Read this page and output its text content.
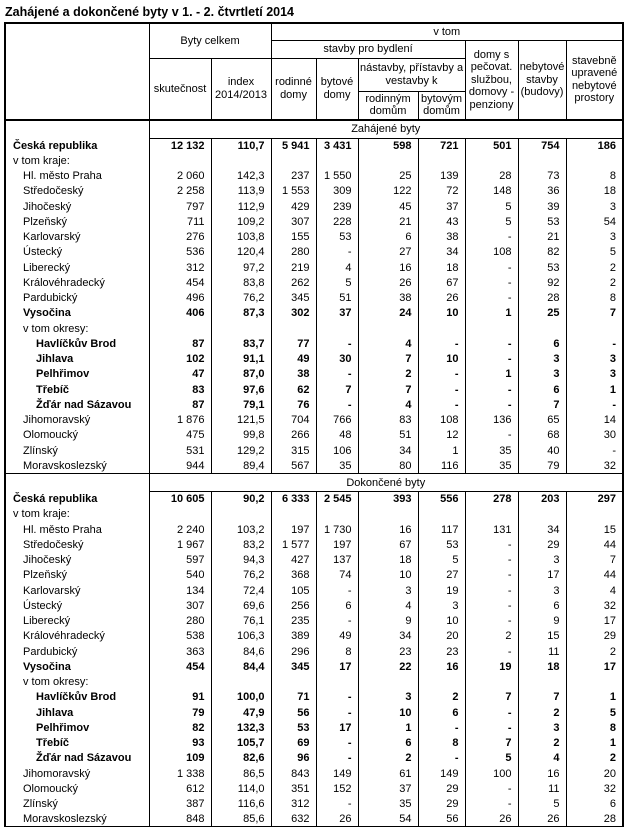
Zahájené a dokončené byty v 1. - 2. čtvrtletí 2014
	Byty celkem		v tom						
			stavby pro bydlení				domy s pečovat. službou, domovy - penziony	nebytové stavby (budovy)	stavebně upravené nebytové prostory
	skutečnost	index 2014/2013	rodinné domy	bytové domy	nástavby, přístavby a vestavby k				
					rodinným domům	bytovým domům			
	Zahájené byty								
Česká republika	12 132	110,7	5 941	3 431	598	721	501	754	186
v tom kraje:									
Hl. město Praha	2 060	142,3	237	1 550	25	139	28	73	8
Středočeský	2 258	113,9	1 553	309	122	72	148	36	18
Jihočeský	797	112,9	429	239	45	37	5	39	3
Plzeňský	711	109,2	307	228	21	43	5	53	54
Karlovarský	276	103,8	155	53	6	38	-	21	3
Ústecký	536	120,4	280	-	27	34	108	82	5
Liberecký	312	97,2	219	4	16	18	-	53	2
Královéhradecký	454	83,8	262	5	26	67	-	92	2
Pardubický	496	76,2	345	51	38	26	-	28	8
Vysočina	406	87,3	302	37	24	10	1	25	7
v tom okresy:									
Havlíčkův Brod	87	83,7	77	-	4	-	-	6	-
Jihlava	102	91,1	49	30	7	10	-	3	3
Pelhřimov	47	87,0	38	-	2	-	1	3	3
Třebíč	83	97,6	62	7	7	-	-	6	1
Žďár nad Sázavou	87	79,1	76	-	4	-	-	7	-
Jihomoravský	1 876	121,5	704	766	83	108	136	65	14
Olomoucký	475	99,8	266	48	51	12	-	68	30
Zlínský	531	129,2	315	106	34	1	35	40	-
Moravskoslezský	944	89,4	567	35	80	116	35	79	32
	Dokončené byty								
Česká republika	10 605	90,2	6 333	2 545	393	556	278	203	297
v tom kraje:									
Hl. město Praha	2 240	103,2	197	1 730	16	117	131	34	15
Středočeský	1 967	83,2	1 577	197	67	53	-	29	44
Jihočeský	597	94,3	427	137	18	5	-	3	7
Plzeňský	540	76,2	368	74	10	27	-	17	44
Karlovarský	134	72,4	105	-	3	19	-	3	4
Ústecký	307	69,6	256	6	4	3	-	6	32
Liberecký	280	76,1	235	-	9	10	-	9	17
Královéhradecký	538	106,3	389	49	34	20	2	15	29
Pardubický	363	84,6	296	8	23	23	-	11	2
Vysočina	454	84,4	345	17	22	16	19	18	17
v tom okresy:									
Havlíčkův Brod	91	100,0	71	-	3	2	7	7	1
Jihlava	79	47,9	56	-	10	6	-	2	5
Pelhřimov	82	132,3	53	17	1	-	-	3	8
Třebíč	93	105,7	69	-	6	8	7	2	1
Žďár nad Sázavou	109	82,6	96	-	2	-	5	4	2
Jihomoravský	1 338	86,5	843	149	61	149	100	16	20
Olomoucký	612	114,0	351	152	37	29	-	11	32
Zlínský	387	116,6	312	-	35	29	-	5	6
Moravskoslezský	848	85,6	632	26	54	56	26	26	28
